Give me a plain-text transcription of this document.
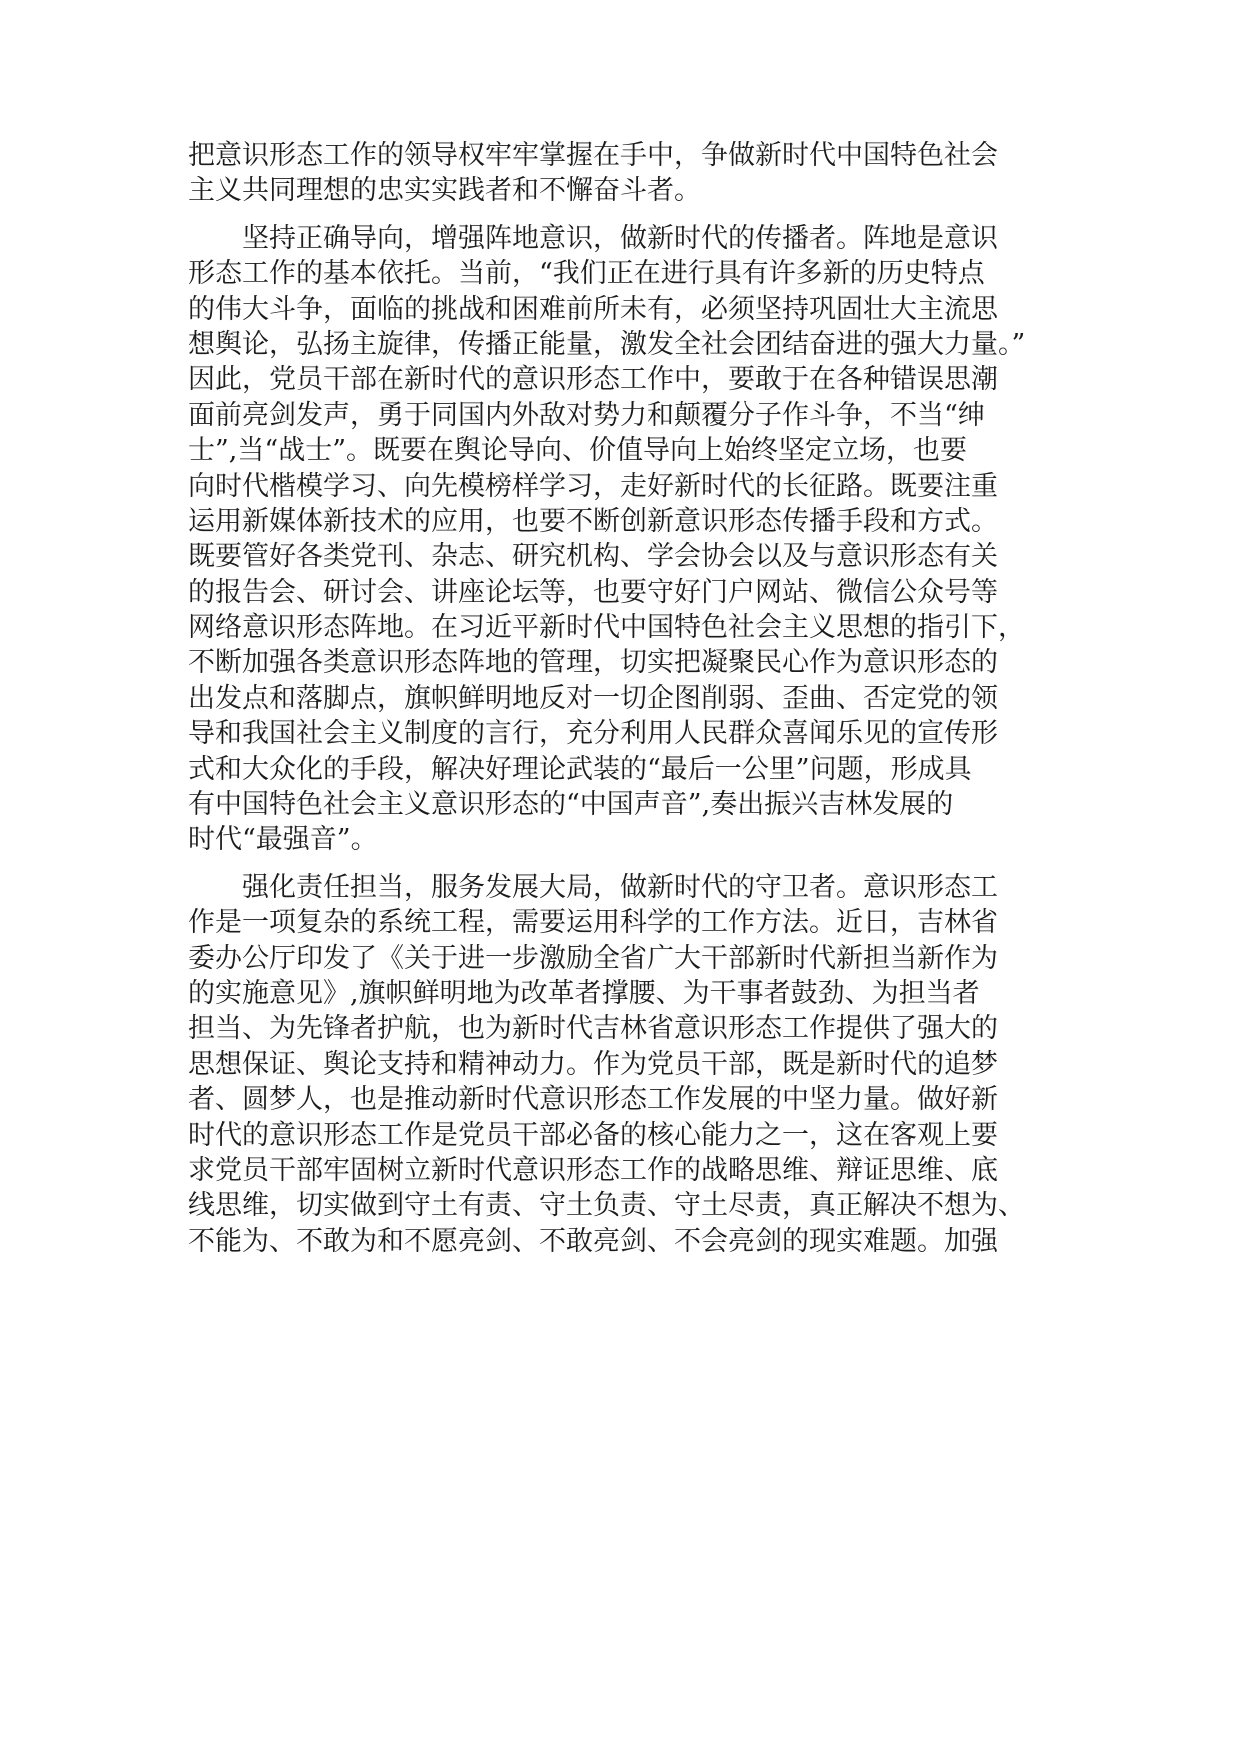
把意识形态工作的领导权牢牢掌握在手中，争做新时代中国特色社会
主义共同理想的忠实实践者和不懈奋斗者。
　　坚持正确导向，增强阵地意识，做新时代的传播者。阵地是意识
形态工作的基本依托。当前，“我们正在进行具有许多新的历史特点
的伟大斗争，面临的挑战和困难前所未有，必须坚持巩固壮大主流思
想舆论，弘扬主旋律，传播正能量，激发全社会团结奋进的强大力量。”
因此，党员干部在新时代的意识形态工作中，要敢于在各种错误思潮
面前亮剑发声，勇于同国内外敌对势力和颠覆分子作斗争，不当“绅
士”,当“战士”。既要在舆论导向、价值导向上始终坚定立场，也要
向时代楷模学习、向先模榜样学习，走好新时代的长征路。既要注重
运用新媒体新技术的应用，也要不断创新意识形态传播手段和方式。
既要管好各类党刊、杂志、研究机构、学会协会以及与意识形态有关
的报告会、研讨会、讲座论坛等，也要守好门户网站、微信公众号等
网络意识形态阵地。在习近平新时代中国特色社会主义思想的指引下，
不断加强各类意识形态阵地的管理，切实把凝聚民心作为意识形态的
出发点和落脚点，旗帜鲜明地反对一切企图削弱、歪曲、否定党的领
导和我国社会主义制度的言行，充分利用人民群众喜闻乐见的宣传形
式和大众化的手段，解决好理论武装的“最后一公里”问题，形成具
有中国特色社会主义意识形态的“中国声音”,奏出振兴吉林发展的
时代“最强音”。
　　强化责任担当，服务发展大局，做新时代的守卫者。意识形态工
作是一项复杂的系统工程，需要运用科学的工作方法。近日，吉林省
委办公厅印发了《关于进一步激励全省广大干部新时代新担当新作为
的实施意见》,旗帜鲜明地为改革者撑腰、为干事者鼓劲、为担当者
担当、为先锋者护航，也为新时代吉林省意识形态工作提供了强大的
思想保证、舆论支持和精神动力。作为党员干部，既是新时代的追梦
者、圆梦人，也是推动新时代意识形态工作发展的中坚力量。做好新
时代的意识形态工作是党员干部必备的核心能力之一，这在客观上要
求党员干部牢固树立新时代意识形态工作的战略思维、辩证思维、底
线思维，切实做到守土有责、守土负责、守土尽责，真正解决不想为、
不能为、不敢为和不愿亮剑、不敢亮剑、不会亮剑的现实难题。加强
